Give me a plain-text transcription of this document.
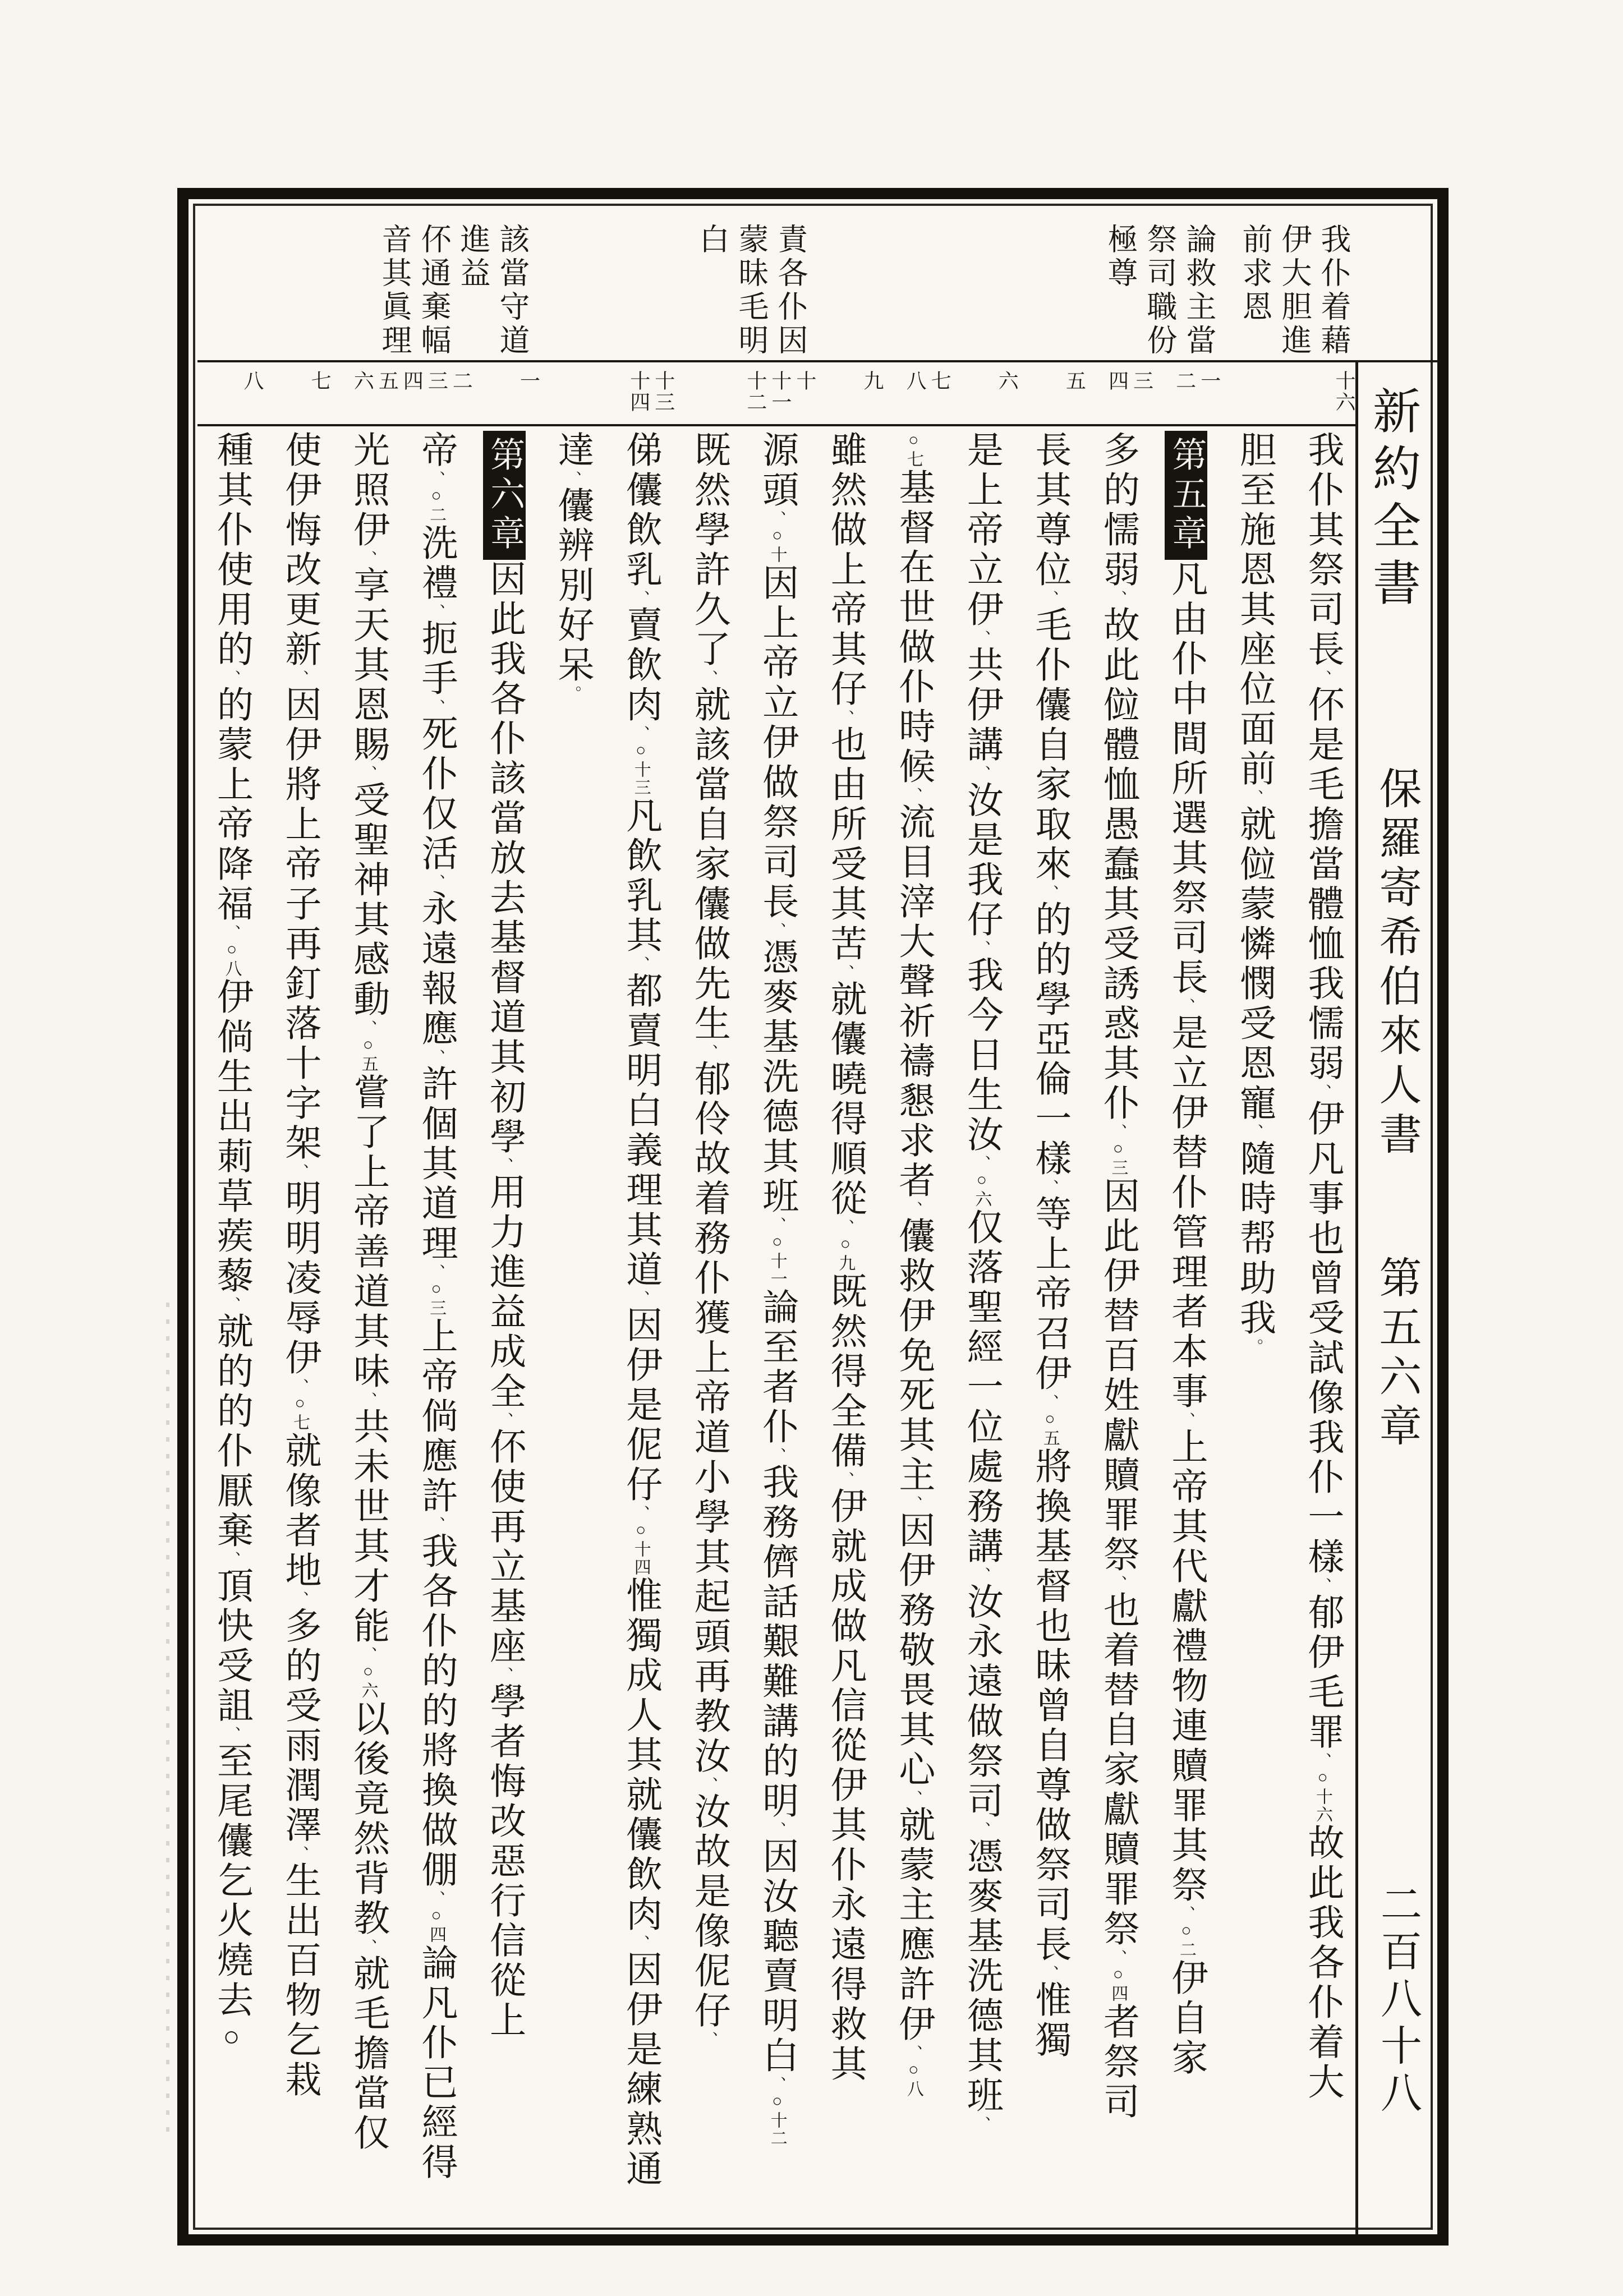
我仆着藉
伊大胆進
前求恩
論救主當
祭司職份
極尊
責各仆因
蒙昧毛明
白
該當守道
進益
伓通棄幅
音其眞理
十六
一
二
三
四
五
六
七
八
九
十
十一
十二
十三
十四
一
二
三
四
五
六
七
八
我仆其祭司長、伓是毛擔當體恤我懦弱、伊凡事也曾受試像我仆一樣、郁伊毛罪、○十六故此我各仆着大
胆至施恩其座位面前、就傡蒙憐憫受恩寵、隨時帮助我。
第五章凡由仆中間所選其祭司長、是立伊替仆管理者本事、上帝其代獻禮物連贖罪其祭、○二伊自家
多的懦弱、故此傡體恤愚蠢其受誘惑其仆、○三因此伊替百姓獻贖罪祭、也着替自家獻贖罪祭、○四者祭司
長其尊位、毛仆儾自家取來、的的學亞倫一樣、等上帝召伊、○五將換基督也昧曾自尊做祭司長、惟獨
是上帝立伊、共伊講、汝是我仔、我今日生汝、○六仅落聖經一位處務講、汝永遠做祭司、憑麥基洗德其班、
○七基督在世做仆時候、流目滓大聲祈禱懇求者、儾救伊免死其主、因伊務敬畏其心、就蒙主應許伊、○八
雖然做上帝其仔、也由所受其苦、就儾曉得順從、○九既然得全備、伊就成做凡信從伊其仆永遠得救其
源頭、○十因上帝立伊做祭司長、憑麥基洗德其班、○十一論至者仆、我務儕話艱難講的明、因汝聽賣明白、○十二
既然學許久了、就該當自家儾做先生、郁伶故着務仆獲上帝道小學其起頭再教汝、汝故是像伲仔、
俤儾飲乳、賣飲肉、○十三凡飲乳其、都賣明白義理其道、因伊是伲仔、○十四惟獨成人其就儾飲肉、因伊是練熟通
達、儾辨別好呆。
第六章因此我各仆該當放去基督道其初學、用力進益成全、伓使再立基座、學者悔改惡行信從上
帝、○二洗禮、扼手、死仆仅活、永遠報應、許個其道理、○三上帝倘應許、我各仆的的將換做倗、○四論凡仆已經得
光照伊、享天其恩賜、受聖神其感動、○五嘗了上帝善道其味、共未世其才能、○六以後竟然背教、就毛擔當仅
使伊悔改更新、因伊將上帝子再釘落十字架、明明凌辱伊、○七就像者地、多的受雨潤澤、生出百物乞栽
種其仆使用的、的蒙上帝降福、○八伊倘生出莿草蒺藜、就的的仆厭棄、頂快受詛、至尾儾乞火燒去○
新約全書
保羅寄希伯來人書
第五六章
二百八十八
